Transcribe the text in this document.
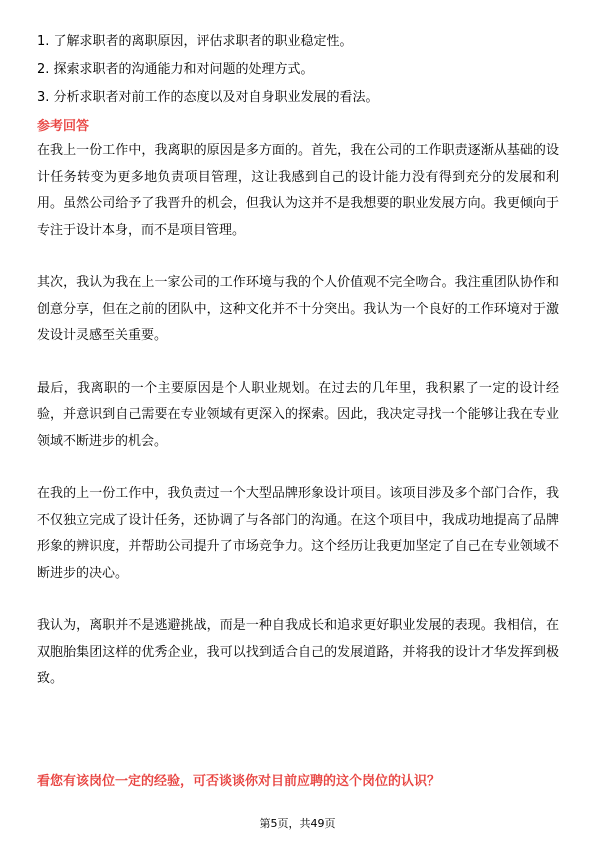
1. 了解求职者的离职原因，评估求职者的职业稳定性。
2. 探索求职者的沟通能力和对问题的处理方式。
3. 分析求职者对前工作的态度以及对自身职业发展的看法。
参考回答

在我上一份工作中，我离职的原因是多方面的。首先，我在公司的工作职责逐渐从基础的设计任务转变为更多地负责项目管理，这让我感到自己的设计能力没有得到充分的发展和利用。虽然公司给予了我晋升的机会，但我认为这并不是我想要的职业发展方向。我更倾向于专注于设计本身，而不是项目管理。

其次，我认为我在上一家公司的工作环境与我的个人价值观不完全吻合。我注重团队协作和创意分享，但在之前的团队中，这种文化并不十分突出。我认为一个良好的工作环境对于激发设计灵感至关重要。

最后，我离职的一个主要原因是个人职业规划。在过去的几年里，我积累了一定的设计经验，并意识到自己需要在专业领域有更深入的探索。因此，我决定寻找一个能够让我在专业领域不断进步的机会。

在我的上一份工作中，我负责过一个大型品牌形象设计项目。该项目涉及多个部门合作，我不仅独立完成了设计任务，还协调了与各部门的沟通。在这个项目中，我成功地提高了品牌形象的辨识度，并帮助公司提升了市场竞争力。这个经历让我更加坚定了自己在专业领域不断进步的决心。

我认为，离职并不是逃避挑战，而是一种自我成长和追求更好职业发展的表现。我相信，在双胞胎集团这样的优秀企业，我可以找到适合自己的发展道路，并将我的设计才华发挥到极致。

看您有该岗位一定的经验，可否谈谈你对目前应聘的这个岗位的认识？
第5页，共49页
